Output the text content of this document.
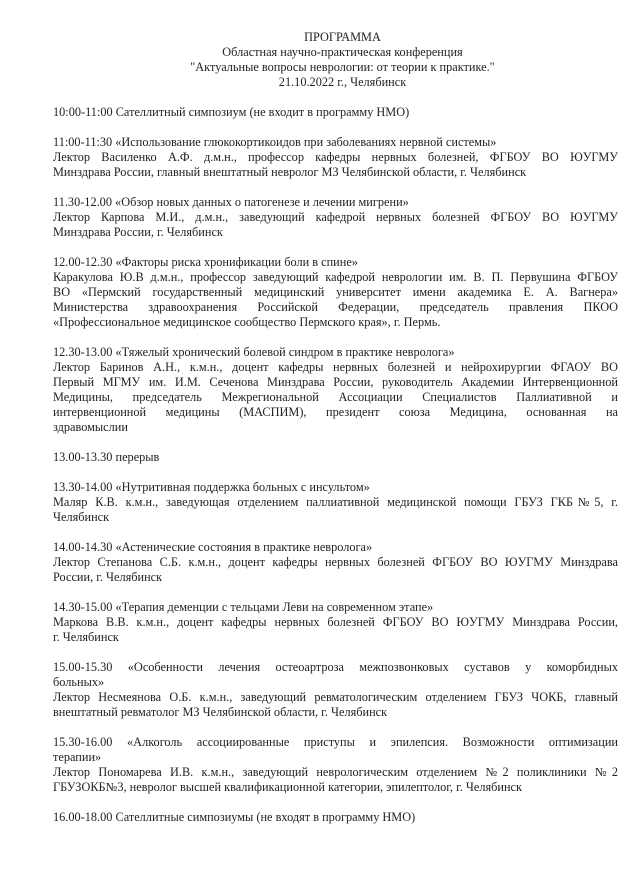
ПРОГРАММА
Областная научно-практическая конференция
"Актуальные вопросы неврологии: от теории к практике."
21.10.2022 г., Челябинск
10:00-11:00 Сателлитный симпозиум (не входит в программу НМО)
11:00-11:30 «Использование глюкокортикоидов при заболеваниях нервной системы»
Лектор Василенко А.Ф. д.м.н., профессор кафедры нервных болезней, ФГБОУ ВО ЮУГМУ
Минздрава России, главный внештатный невролог МЗ Челябинской области, г. Челябинск
11.30-12.00 «Обзор новых данных о патогенезе и лечении мигрени»
Лектор Карпова М.И., д.м.н., заведующий кафедрой нервных болезней ФГБОУ ВО ЮУГМУ
Минздрава России, г. Челябинск
12.00-12.30 «Факторы риска хронификации боли в спине»
Каракулова Ю.В д.м.н., профессор заведующий кафедрой неврологии им. В. П. Первушина ФГБОУ
ВО «Пермский государственный медицинский университет имени академика Е. А. Вагнера»
Министерства здравоохранения Российской Федерации, председатель правления ПКОО
«Профессиональное медицинское сообщество Пермского края», г. Пермь.
12.30-13.00 «Тяжелый хронический болевой синдром в практике невролога»
Лектор Баринов А.Н., к.м.н., доцент кафедры нервных болезней и нейрохирургии ФГАОУ ВО
Первый МГМУ им. И.М. Сеченова Минздрава России, руководитель Академии Интервенционной
Медицины, председатель Межрегиональной Ассоциации Специалистов Паллиативной и
интервенционной медицины (МАСПИМ), президент союза Медицина, основанная на
здравомыслии
13.00-13.30 перерыв
13.30-14.00 «Нутритивная поддержка больных с инсультом»
Маляр К.В. к.м.н., заведующая отделением паллиативной медицинской помощи ГБУЗ ГКБ№5, г.
Челябинск
14.00-14.30 «Астенические состояния в практике невролога»
Лектор Степанова С.Б. к.м.н., доцент кафедры нервных болезней ФГБОУ ВО ЮУГМУ Минздрава
России, г. Челябинск
14.30-15.00 «Терапия деменции с тельцами Леви на современном этапе»
Маркова В.В. к.м.н., доцент кафедры нервных болезней ФГБОУ ВО ЮУГМУ Минздрава России,
г. Челябинск
15.00-15.30 «Особенности лечения остеоартроза межпозвонковых суставов у коморбидных
больных»
Лектор Несмеянова О.Б. к.м.н., заведующий ревматологическим отделением ГБУЗ ЧОКБ, главный
внештатный ревматолог МЗ Челябинской области, г. Челябинск
15.30-16.00 «Алкоголь ассоциированные приступы и эпилепсия. Возможности оптимизации
терапии»
Лектор Пономарева И.В. к.м.н., заведующий неврологическим отделением №2 поликлиники №2
ГБУЗОКБ№3, невролог высшей квалификационной категории, эпилептолог, г. Челябинск
16.00-18.00 Сателлитные симпозиумы (не входят в программу НМО)
